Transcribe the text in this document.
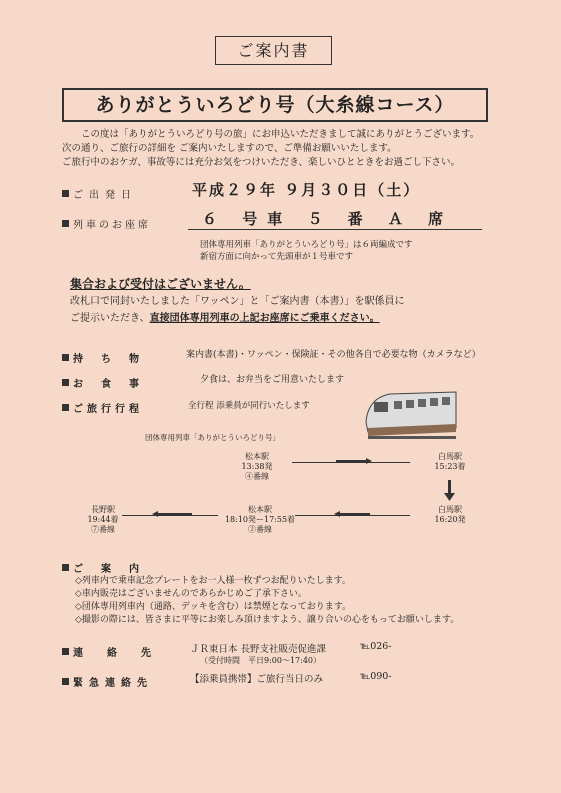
ご案内書
ありがとういろどり号（大糸線コース）

この度は「ありがとういろどり号の旅」にお申込いただきまして誠にありがとうございます。

次の通り、ご旅行の詳細を ご案内いたしますので、ご準備お願いいたします。

ご旅行中のおケガ、事故等には充分お気をつけいただき、楽しいひとときをお過ごし下さい。

ご出発日	平成２９年 ９月３０日（土）
列車のお座席	６ 号車 ５ 番 Ａ 席
団体専用列車「ありがとういろどり号」は６両編成です
新宿方面に向かって先頭車が１号車です
集合および受付はございません。
改札口で同封いたしました「ワッペン」と「ご案内書（本書）」を駅係員に
ご提示いただき、直接団体専用列車の上記お座席にご乗車ください。
持ち物	案内書(本書)・ワッペン・保険証・その他各自で必要な物（カメラなど）
お食事	夕食は、お弁当をご用意いたします
ご旅行行程	全行程 添乗員が同行いたします
団体専用列車「ありがとういろどり号」
松本駅
13:38発
④番線
白馬駅
15:23着
白馬駅
16:20発
松本駅
18:10発ー17:55着
②番線
長野駅
19:44着
⑦番線
ご案内
◇列車内で乗車記念プレートをお一人様一枚ずつお配りいたします。
◇車内販売はございませんのであらかじめご了承下さい。
◇団体専用列車内（通路、デッキを含む）は禁煙となっております。
◇撮影の際には、皆さまに平等にお楽しみ頂けますよう、譲り合いの心をもってお願いします。
連絡先 ＪＲ東日本 長野支社販売促進課	℡026-
（受付時間　平日9:00～17:40）
緊急連絡先	【添乗員携帯】ご旅行当日のみ	℡090-
